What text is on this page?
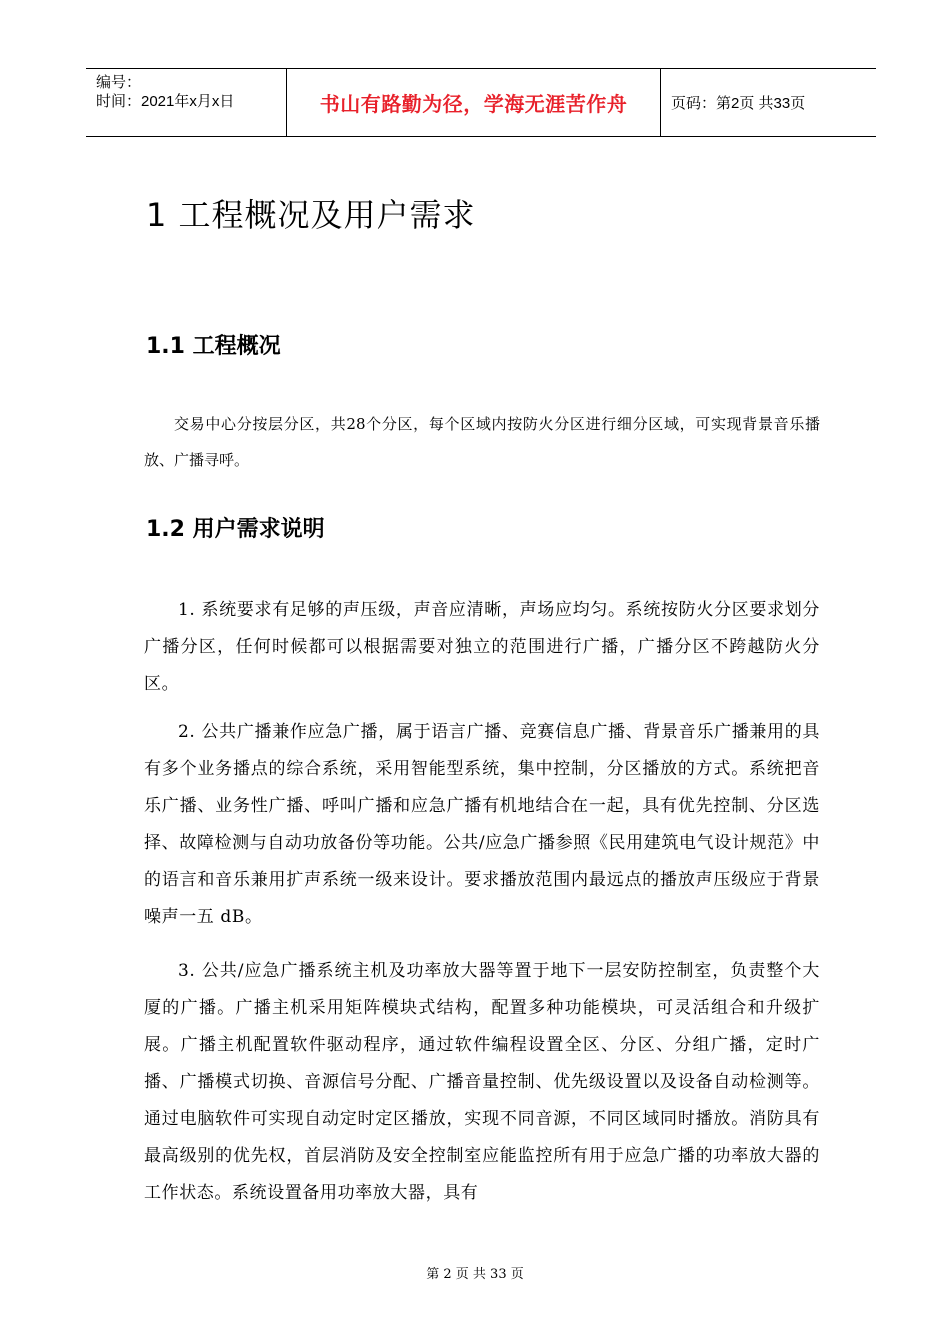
编号：
时间：2021年x月x日	书山有路勤为径，学海无涯苦作舟	页码：第2页 共33页
1 工程概况及用户需求
1.1 工程概况

交易中心分按层分区，共28个分区，每个区域内按防火分区进行细分区域，可实现背景音乐播放、广播寻呼。

1.2 用户需求说明

1. 系统要求有足够的声压级，声音应清晰，声场应均匀。系统按防火分区要求划分广播分区，任何时候都可以根据需要对独立的范围进行广播，广播分区不跨越防火分区。

2. 公共广播兼作应急广播，属于语言广播、竞赛信息广播、背景音乐广播兼用的具有多个业务播点的综合系统，采用智能型系统，集中控制，分区播放的方式。系统把音乐广播、业务性广播、呼叫广播和应急广播有机地结合在一起，具有优先控制、分区选择、故障检测与自动功放备份等功能。公共/应急广播参照《民用建筑电气设计规范》中的语言和音乐兼用扩声系统一级来设计。要求播放范围内最远点的播放声压级应于背景噪声一五 dB。

3. 公共/应急广播系统主机及功率放大器等置于地下一层安防控制室，负责整个大厦的广播。广播主机采用矩阵模块式结构，配置多种功能模块，可灵活组合和升级扩展。广播主机配置软件驱动程序，通过软件编程设置全区、分区、分组广播，定时广播、广播模式切换、音源信号分配、广播音量控制、优先级设置以及设备自动检测等。通过电脑软件可实现自动定时定区播放，实现不同音源，不同区域同时播放。消防具有最高级别的优先权，首层消防及安全控制室应能监控所有用于应急广播的功率放大器的工作状态。系统设置备用功率放大器，具有

第 2 页 共 33 页
